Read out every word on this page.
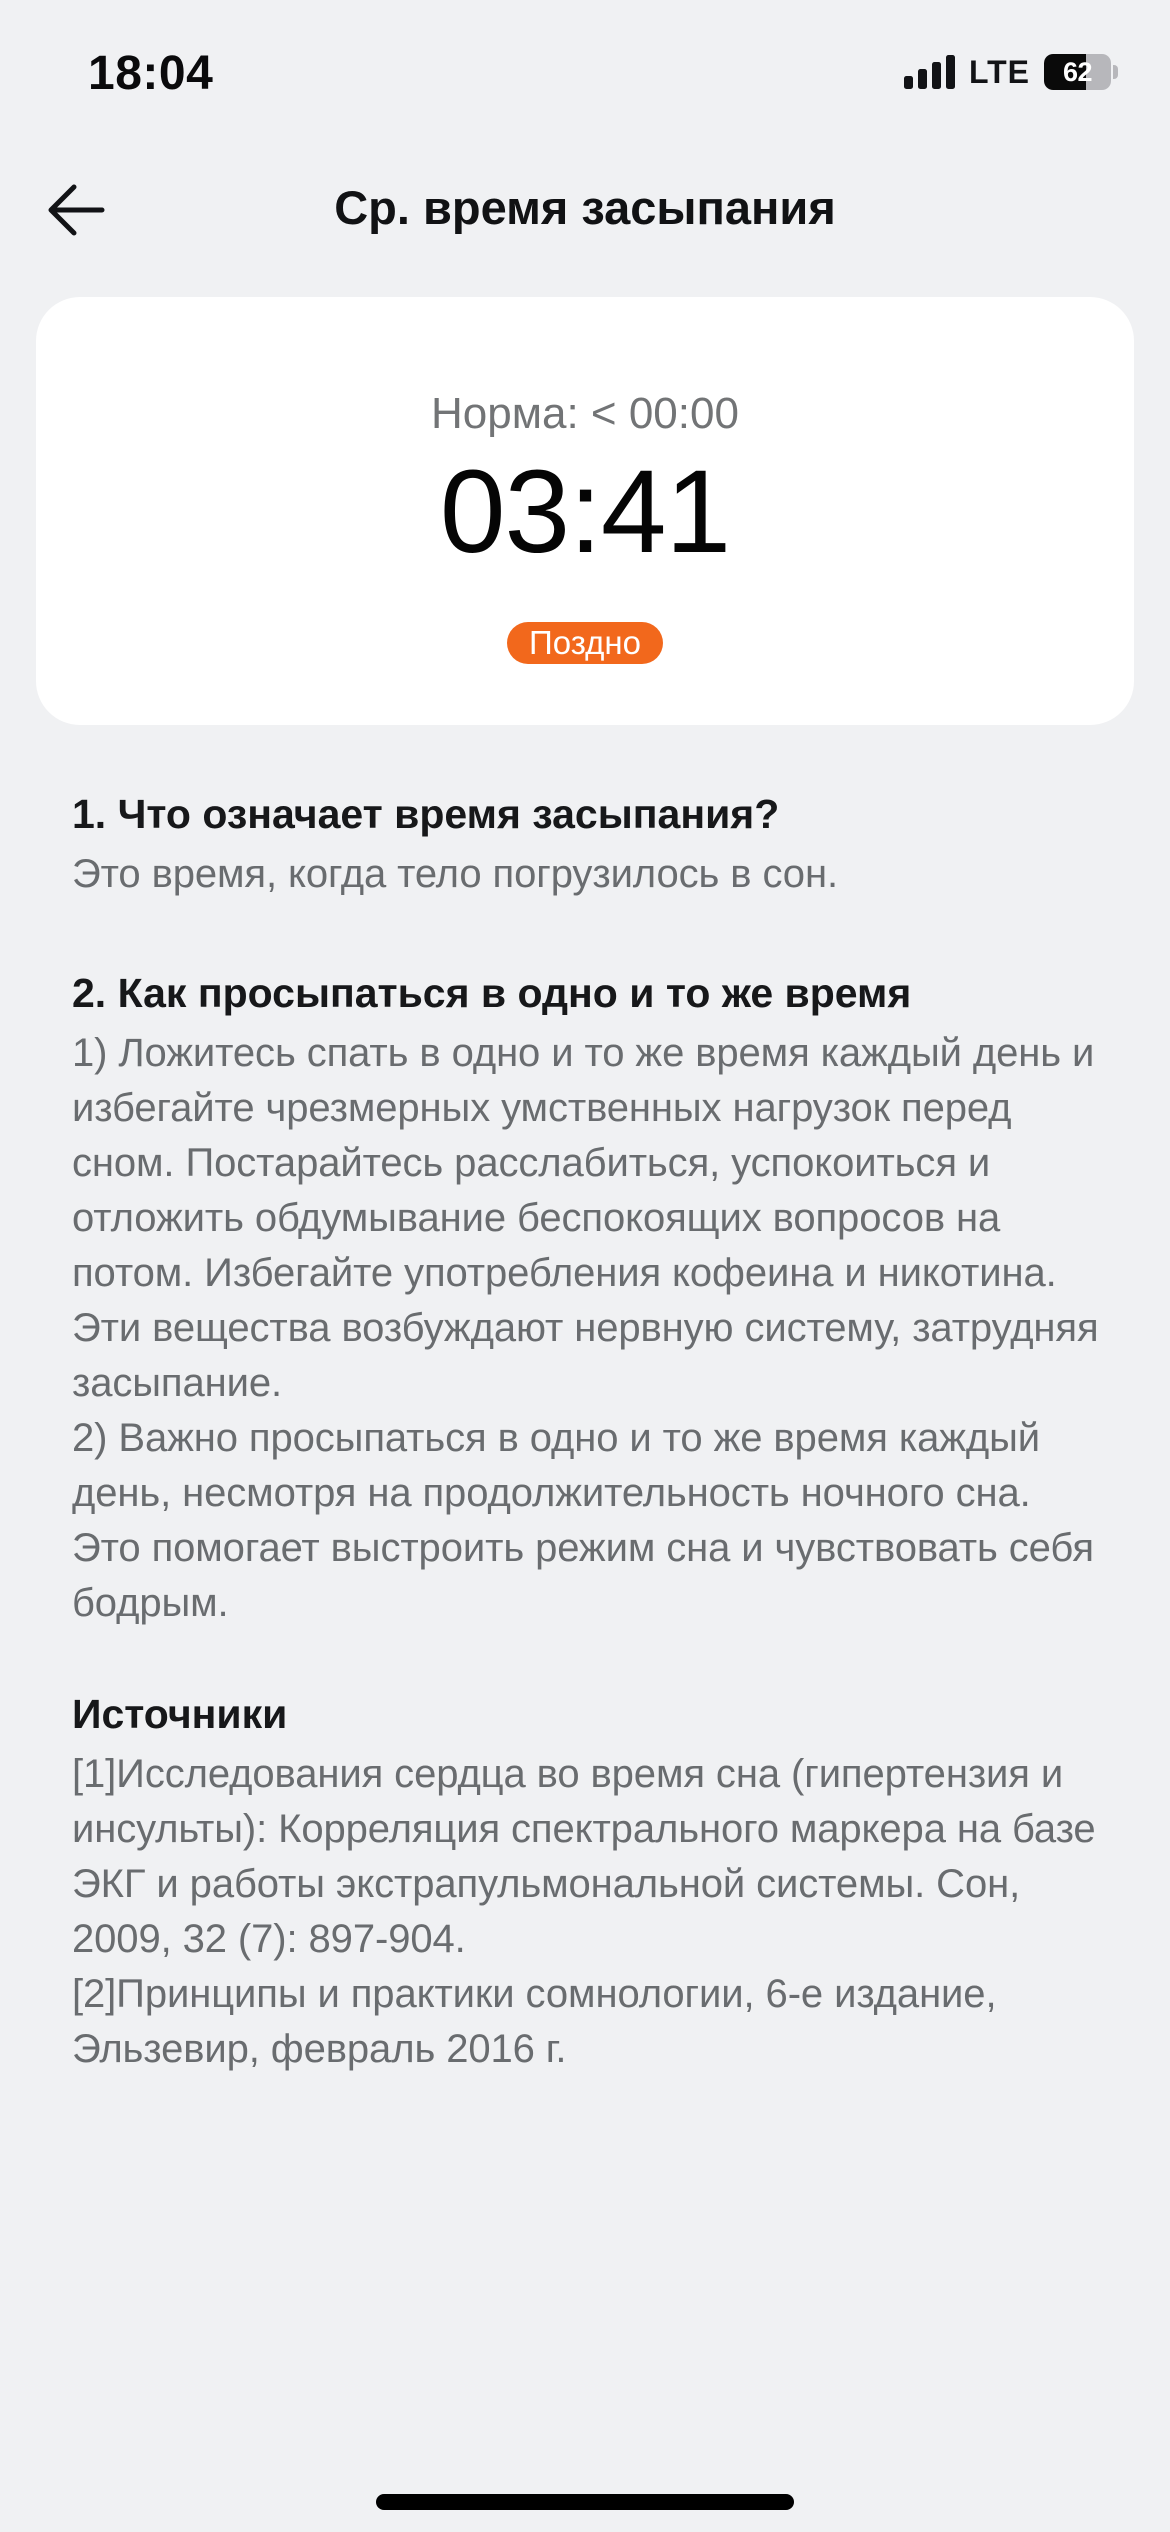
18:04	LTE	62
Ср. время засыпания
Норма: < 00:00
03:41
Поздно
1. Что означает время засыпания?

Это время, когда тело погрузилось в сон.

2. Как просыпаться в одно и то же время

1) Ложитесь спать в одно и то же время каждый день и избегайте чрезмерных умственных нагрузок перед сном. Постарайтесь расслабиться, успокоиться и отложить обдумывание беспокоящих вопросов на потом. Избегайте употребления кофеина и никотина. Эти вещества возбуждают нервную систему, затрудняя засыпание.

2) Важно просыпаться в одно и то же время каждый день, несмотря на продолжительность ночного сна. Это помогает выстроить режим сна и чувствовать себя бодрым.

Источники

[1]Исследования сердца во время сна (гипертензия и инсульты): Корреляция спектрального маркера на базе ЭКГ и работы экстрапульмональной системы. Сон, 2009, 32 (7): 897-904.

[2]Принципы и практики сомнологии, 6-е издание, Эльзевир, февраль 2016 г.
